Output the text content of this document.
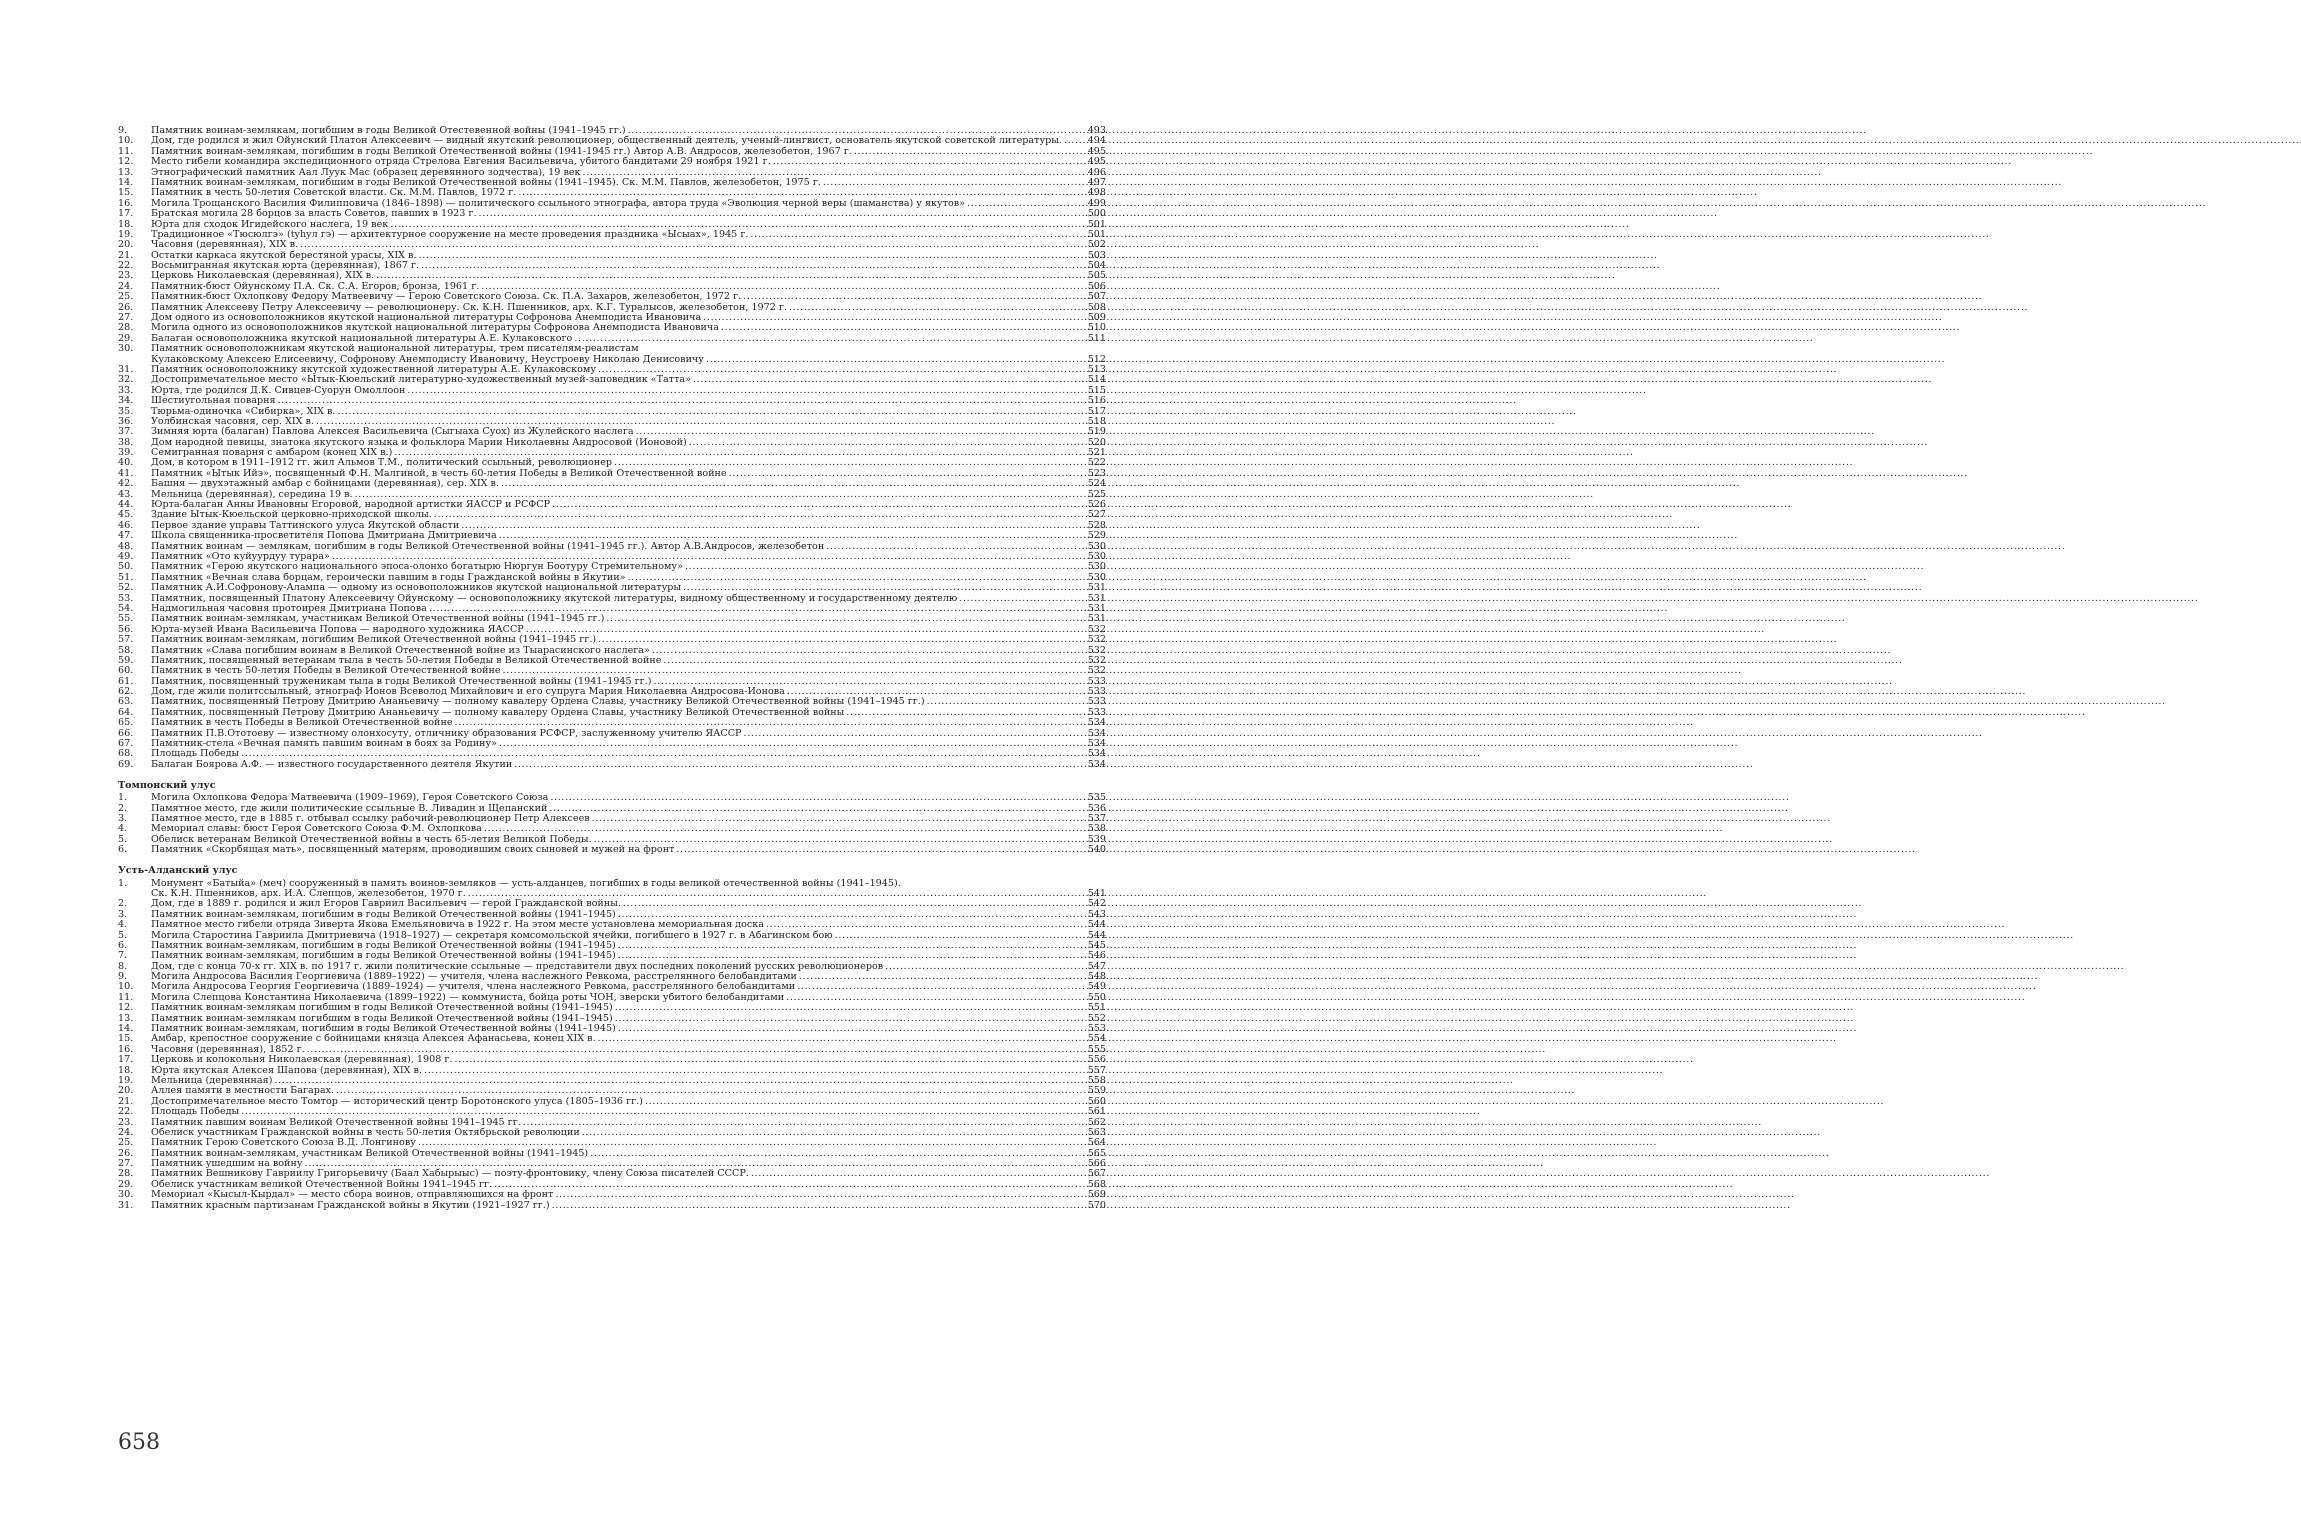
9.	Памятник воинам-землякам, погибшим в годы Великой Отестевенной войны (1941–1945 гг.) . . .	493
10.	Дом, где родился и жил Ойунский Платон Алексеевич — видный якутский революционер, общественный деятель, ученый-лингвист, основатель якутской советской литературы. . . .	494
11.	Памятник воинам-землякам, погибшим в годы Великой Отечественной войны (1941-1945 гг.) Автор А.В. Андросов, железобетон, 1967 г. . . .	495
12.	Место гибели командира экспедиционного отряда Стрелова Евгения Васильевича, убитого бандитами 29 ноября 1921 г. . . .	495
13.	Этнографический памятник Аал Луук Мас (образец деревянного зодчества), 19 век . . .	496
14.	Памятник воинам-землякам, погибшим в годы Великой Отечественной войны (1941–1945). Ск. М.М. Павлов, железобетон, 1975 г. . . .	497
15.	Памятник в честь 50-летия Советской власти. Ск. М.М. Павлов, 1972 г. . . .	498
16.	Могила Трощанского Василия Филипповича (1846–1898) — политического ссыльного этнографа, автора труда «Эволюция черной веры (шаманства) у якутов» . . .	499
17.	Братская могила 28 борцов за власть Советов, павших в 1923 г. . . .	500
18.	Юрта для сходок Игидейского наслега, 19 век . . .	501
19.	Традиционное «Тюсюлгэ» (tyhyл гэ) — архитектурное сооружение на месте проведения праздника «Ысыах», 1945 г. . . .	501
20.	Часовня (деревянная), XIX в. . . .	502
21.	Остатки каркаса якутской берестяной урасы, XIX в. . . .	503
22.	Восьмигранная якутская юрта (деревянная), 1867 г. . . .	504
23.	Церковь Николаевская (деревянная), XIX в. . . .	505
24.	Памятник-бюст Ойунскому П.А. Ск. С.А. Егоров, бронза, 1961 г. . . .	506
25.	Памятник-бюст Охлопкову Федору Матвеевичу — Герою Советского Союза. Ск. П.А. Захаров, железобетон, 1972 г. . . .	507
26.	Памятник Алексееву Петру Алексеевичу — революционеру. Ск. К.Н. Пшенников, арх. К.Г. Туралысов, железобетон, 1972 г. . . .	508
27.	Дом одного из основоположников якутской национальной литературы Софронова Анемподиста Ивановича . . .	509
28.	Могила одного из основоположников якутской национальной литературы Софронова Анемподиста Ивановича . . .	510
29.	Балаган основоположника якутской национальной литературы А.Е. Кулаковского . . .	511
30.	Памятник основоположникам якутской национальной литературы, трем писателям-реалистам
Кулаковскому Алексею Елисеевичу, Софронову Анемподисту Ивановичу, Неустроеву Николаю Денисовичу . . .	512
31.	Памятник основоположнику якутской художественной литературы А.Е. Кулаковскому . . .	513
32.	Достопримечательное место «Ытык-Кюельский литературно-художественный музей-заповедник «Татта» . . .	514
33.	Юрта, где родился Д.К. Сивцев-Суорун Омоллоон . . .	515
34.	Шестиугольная поварня . . .	516
35.	Тюрьма-одиночка «Сибирка», XIX в. . . .	517
36.	Уолбинская часовня, сер. XIX в. . . .	518
37.	Зимняя юрта (балаган) Павлова Алексея Васильевича (Сыгыаха Суох) из Жулейского наслега . . .	519
38.	Дом народной певицы, знатока якутского языка и фольклора Марии Николаевны Андросовой (Ионовой) . . .	520
39.	Семигранная поварня с амбаром (конец XIX в.) . . .	521
40.	Дом, в котором в 1911–1912 гг. жил Альмов Т.М., политический ссыльный, революционер . . .	522
41.	Памятник «Ытык Ийэ», посвященный Ф.Н. Малгиной, в честь 60-летия Победы в Великой Отечественной войне . . .	523
42.	Башня — двухэтажный амбар с бойницами (деревянная), сер. XIX в. . . .	524
43.	Мельница (деревянная), середина 19 в. . . .	525
44.	Юрта-балаган Анны Ивановны Егоровой, народной артистки ЯАССР и РСФСР . . .	526
45.	Здание Ытык-Кюельской церковно-приходской школы. . . .	527
46.	Первое здание управы Таттинского улуса Якутской области . . .	528
47.	Школа священника-просветителя Попова Дмитриана Дмитриевича . . .	529
48.	Памятник воинам — землякам, погибшим в годы Великой Отечественной войны (1941–1945 гг.). Автор А.В.Андросов, железобетон . . .	530
49.	Памятник «Ото куйуурдуу турара» . . .	530
50.	Памятник «Герою якутского национального эпоса-олонхо богатырю Нюргун Боотуру Стремительному» . . .	530
51.	Памятник «Вечная слава борцам, героически павшим в годы Гражданской войны в Якутии» . . .	530
52.	Памятник А.И.Софронову-Алампа — одному из основоположников якутской национальной литературы . . .	531
53.	Памятник, посвященный Платону Алексеевичу Ойунскому — основоположнику якутской литературы, видному общественному и государственному деятелю . . .	531
54.	Надмогильная часовня протоирея Дмитриана Попова . . .	531
55.	Памятник воинам-землякам, участникам Великой Отечественной войны (1941–1945 гг.) . . .	531
56.	Юрта-музей Ивана Васильевича Попова — народного художника ЯАССР . . .	532
57.	Памятник воинам-землякам, погибшим Великой Отечественной войны (1941–1945 гг.) . . .	532
58.	Памятник «Слава погибшим воинам в Великой Отечественной войне из Тыарасинского наслега» . . .	532
59.	Памятник, посвященный ветеранам тыла в честь 50-летия Победы в Великой Отечественной войне . . .	532
60.	Памятник в честь 50-летия Победы в Великой Отечественной войне . . .	532
61.	Памятник, посвященный труженикам тыла в годы Великой Отечественной войны (1941–1945 гг.) . . .	533
62.	Дом, где жили политссыльный, этнограф Ионов Всеволод Михайлович и его супруга Мария Николаевна Андросова-Ионова . . .	533
63.	Памятник, посвященный Петрову Дмитрию Ананьевичу — полному кавалеру Ордена Славы, участнику Великой Отечественной войны (1941–1945 гг.) . . .	533
64.	Памятник, посвященный Петрову Дмитрию Ананьевичу — полному кавалеру Ордена Славы, участнику Великой Отечественной войны . . .	533
65.	Памятник в честь Победы в Великой Отечественной войне . . .	534
66.	Памятник П.В.Ототоеву — известному олонхосуту, отличнику образования РСФСР, заслуженному учителю ЯАССР . . .	534
67.	Памятник-стела «Вечная память павшим воинам в боях за Родину» . . .	534
68.	Площадь Победы . . .	534
69.	Балаган Бояровa А.Ф. — известного государственного деятеля Якутии . . .	534
Томпонский улус
1.	Могила Охлопкова Федора Матвеевича (1909–1969), Героя Советского Союза . . .	535
2.	Памятное место, где жили политические ссыльные В. Ливадин и Щепанский . . .	536
3.	Памятное место, где в 1885 г. отбывал ссылку рабочий-революционер Петр Алексеев . . .	537
4.	Мемориал славы: бюст Героя Советского Союза Ф.М. Охлопкова . . .	538
5.	Обелиск ветеранам Великой Отечественной войны в честь 65-летия Великой Победы. . . .	539
6.	Памятник «Скорбящая мать», посвященный матерям, проводившим своих сыновей и мужей на фронт . . .	540
Усть-Алданский улус
1.	Монумент «Батыйа» (меч) сооруженный в память воинов-земляков — усть-алданцев, погибших в годы великой отечественной войны (1941–1945).
Ск. К.Н. Пшенников, арх. И.А. Слепцов, железобетон, 1970 г. . . .	541
2.	Дом, где в 1889 г. родился и жил Егоров Гавриил Васильевич — герой Гражданской войны. . . .	542
3.	Памятник воинам-землякам, погибшим в годы Великой Отечественной войны (1941–1945) . . .	543
4.	Памятное место гибели отряда Зиверта Якова Емельяновича в 1922 г. На этом месте установлена мемориальная доска . . .	544
5.	Могила Старостина Гавриила Дмитриевича (1918–1927) — секретаря комсомольской ячейки, погибшего в 1927 г. в Абагинском бою . . .	544
6.	Памятник воинам-землякам, погибшим в годы Великой Отечественной войны (1941–1945) . . .	545
7.	Памятник воинам-землякам, погибшим в годы Великой Отечественной войны (1941–1945) . . .	546
8.	Дом, где с конца 70-х гг. XIX в. по 1917 г. жили политические ссыльные — представители двух последних поколений русских революционеров . . .	547
9.	Могила Андросова Василия Георгиевича (1889–1922) — учителя, члена наслежного Ревкома, расстрелянного белобандитами . . .	548
10.	Могила Андросова Георгия Георгиевича (1889–1924) — учителя, члена наслежного Ревкома, расстрелянного белобандитами . . .	549
11.	Могила Слепцова Константина Николаевича (1899–1922) — коммуниста, бойца роты ЧОН, зверски убитого белобандитами . . .	550
12.	Памятник воинам-землякам погибшим в годы Великой Отечественной войны (1941–1945) . . .	551
13.	Памятник воинам-землякам погибшим в годы Великой Отечественной войны (1941–1945) . . .	552
14.	Памятник воинам-землякам, погибшим в годы Великой Отечественной войны (1941–1945) . . .	553
15.	Амбар, крепостное сооружение с бойницами князца Алексея Афанасьева, конец XIX в. . . .	554
16.	Часовня (деревянная), 1852 г. . . .	555
17.	Церковь и колокольня Николаевская (деревянная), 1908 г. . . .	556
18.	Юрта якутская Алексея Шапова (деревянная), XIX в. . . .	557
19.	Мельница (деревянная) . . .	558
20.	Аллея памяти в местности Багарах. . . .	559
21.	Достопримечательное место Томтор — исторический центр Боротонского улуса (1805–1936 гг.) . . .	560
22.	Площадь Победы . . .	561
23.	Памятник павшим воинам Великой Отечественной войны 1941–1945 гг. . . .	562
24.	Обелиск участникам Гражданской войны в честь 50-летия Октябрьской революции . . .	563
25.	Памятник Герою Советского Союза В.Д. Лонгинову . . .	564
26.	Памятник воинам-землякам, участникам Великой Отечественной войны (1941–1945) . . .	565
27.	Памятник ушедшим на войну . . .	566
28.	Памятник Вешникову Гавриилу Григорьевичу (Баал Хабырыыс) — поэту-фронтовику, члену Союза писателей СССР. . . .	567
29.	Обелиск участникам великой Отечественной Войны 1941–1945 гг. . . .	568
30.	Мемориал «Кысыл-Кырдал» — место сбора воинов, отправляющихся на фронт . . .	569
31.	Памятник красным партизанам Гражданской войны в Якутии (1921–1927 гг.) . . .	570
658
